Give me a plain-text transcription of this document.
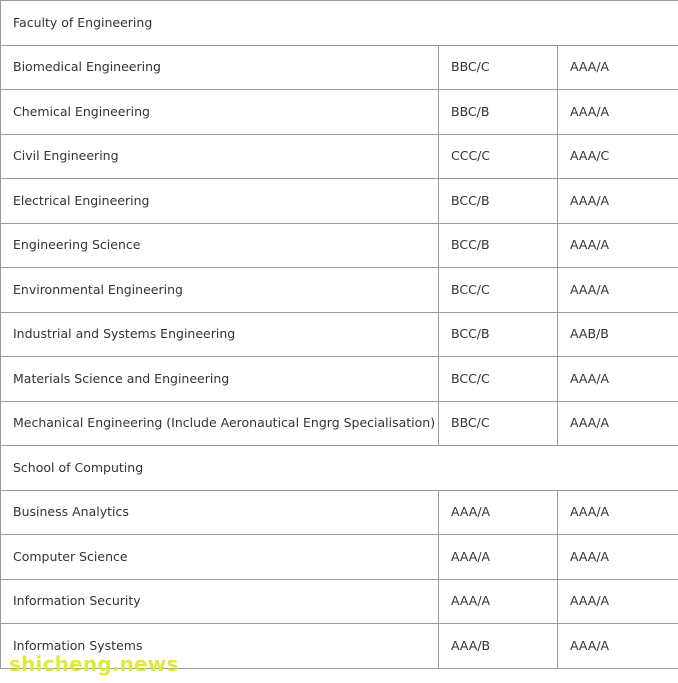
Faculty of Engineering		
Biomedical Engineering	BBC/C	AAA/A
Chemical Engineering	BBC/B	AAA/A
Civil Engineering	CCC/C	AAA/C
Electrical Engineering	BCC/B	AAA/A
Engineering Science	BCC/B	AAA/A
Environmental Engineering	BCC/C	AAA/A
Industrial and Systems Engineering	BCC/B	AAB/B
Materials Science and Engineering	BCC/C	AAA/A
Mechanical Engineering (Include Aeronautical Engrg Specialisation)	BBC/C	AAA/A
School of Computing		
Business Analytics	AAA/A	AAA/A
Computer Science	AAA/A	AAA/A
Information Security	AAA/A	AAA/A
Information Systems	AAA/B	AAA/A
shicheng.news
